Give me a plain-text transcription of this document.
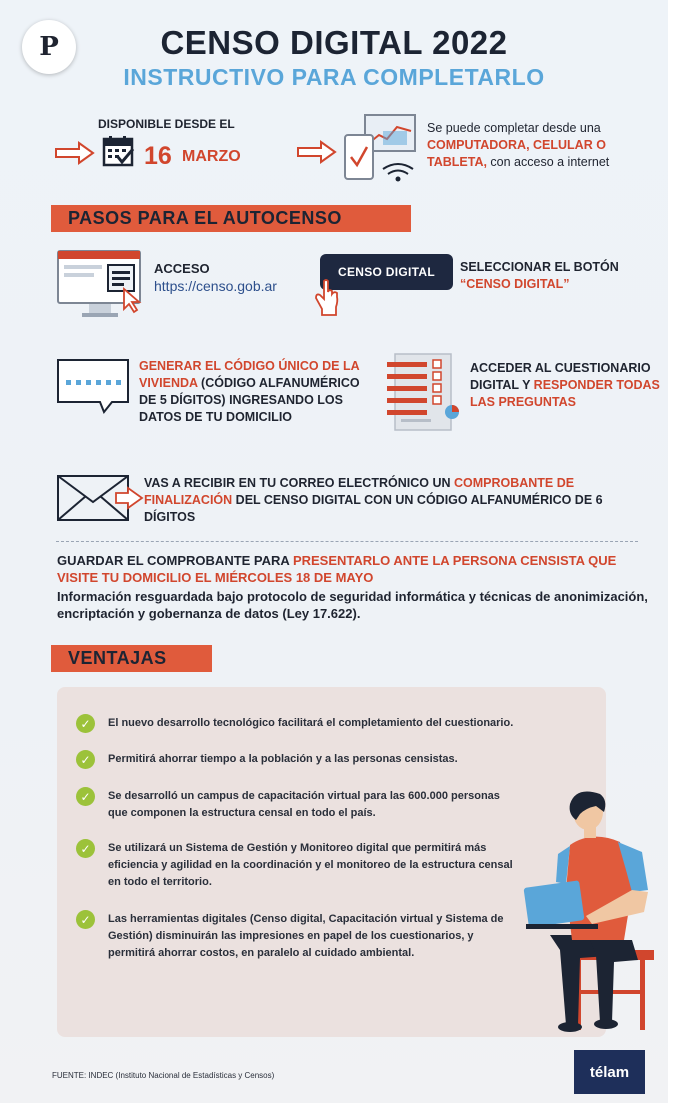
P	CENSO DIGITAL 2022
INSTRUCTIVO PARA COMPLETARLO
DISPONIBLE DESDE EL
16 MARZO
Se puede completar desde una COMPUTADORA, CELULAR O TABLETA, con acceso a internet
PASOS PARA EL AUTOCENSO
ACCESO
https://censo.gob.ar
CENSO DIGITAL	SELECCIONAR EL BOTÓN “CENSO DIGITAL”
GENERAR EL CÓDIGO ÚNICO DE LA VIVIENDA (CÓDIGO ALFANUMÉRICO DE 5 DÍGITOS) INGRESANDO LOS DATOS DE TU DOMICILIO
ACCEDER AL CUESTIONARIO DIGITAL Y RESPONDER TODAS LAS PREGUNTAS
VAS A RECIBIR EN TU CORREO ELECTRÓNICO UN COMPROBANTE DE FINALIZACIÓN DEL CENSO DIGITAL CON UN CÓDIGO ALFANUMÉRICO DE 6 DÍGITOS
GUARDAR EL COMPROBANTE PARA PRESENTARLO ANTE LA PERSONA CENSISTA QUE VISITE TU DOMICILIO EL MIÉRCOLES 18 DE MAYO
Información resguardada bajo protocolo de seguridad informática y técnicas de anonimización, encriptación y gobernanza de datos (Ley 17.622).
VENTAJAS
✓	El nuevo desarrollo tecnológico facilitará el completamiento del cuestionario.
✓	Permitirá ahorrar tiempo a la población y a las personas censistas.
✓	Se desarrolló un campus de capacitación virtual para las 600.000 personas que componen la estructura censal en todo el país.
✓	Se utilizará un Sistema de Gestión y Monitoreo digital que permitirá más eficiencia y agilidad en la coordinación y el monitoreo de la estructura censal en todo el territorio.
✓	Las herramientas digitales (Censo digital, Capacitación virtual y Sistema de Gestión) disminuirán las impresiones en papel de los cuestionarios, y permitirá ahorrar costos, en paralelo al cuidado ambiental.
FUENTE: INDEC (Instituto Nacional de Estadísticas y Censos)	télam
